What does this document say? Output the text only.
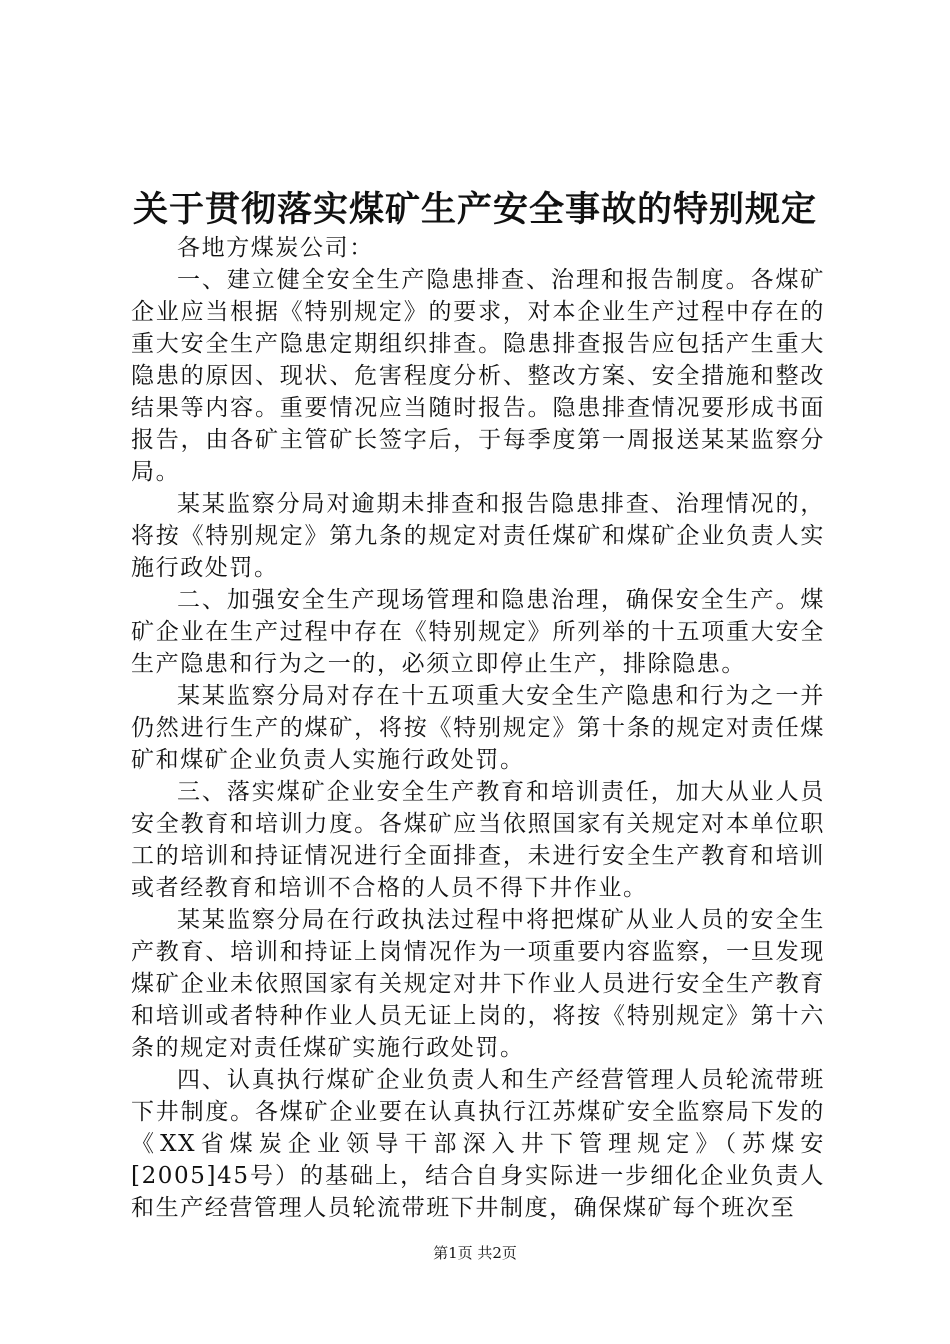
关于贯彻落实煤矿生产安全事故的特别规定

各地方煤炭公司：

一、建立健全安全生产隐患排查、治理和报告制度。各煤矿企业应当根据《特别规定》的要求，对本企业生产过程中存在的重大安全生产隐患定期组织排查。隐患排查报告应包括产生重大隐患的原因、现状、危害程度分析、整改方案、安全措施和整改结果等内容。重要情况应当随时报告。隐患排查情况要形成书面报告，由各矿主管矿长签字后，于每季度第一周报送某某监察分局。

某某监察分局对逾期未排查和报告隐患排查、治理情况的，将按《特别规定》第九条的规定对责任煤矿和煤矿企业负责人实施行政处罚。

二、加强安全生产现场管理和隐患治理，确保安全生产。煤矿企业在生产过程中存在《特别规定》所列举的十五项重大安全生产隐患和行为之一的，必须立即停止生产，排除隐患。

某某监察分局对存在十五项重大安全生产隐患和行为之一并仍然进行生产的煤矿，将按《特别规定》第十条的规定对责任煤矿和煤矿企业负责人实施行政处罚。

三、落实煤矿企业安全生产教育和培训责任，加大从业人员安全教育和培训力度。各煤矿应当依照国家有关规定对本单位职工的培训和持证情况进行全面排查，未进行安全生产教育和培训或者经教育和培训不合格的人员不得下井作业。

某某监察分局在行政执法过程中将把煤矿从业人员的安全生产教育、培训和持证上岗情况作为一项重要内容监察，一旦发现煤矿企业未依照国家有关规定对井下作业人员进行安全生产教育和培训或者特种作业人员无证上岗的，将按《特别规定》第十六条的规定对责任煤矿实施行政处罚。

四、认真执行煤矿企业负责人和生产经营管理人员轮流带班下井制度。各煤矿企业要在认真执行江苏煤矿安全监察局下发的《XX省煤炭企业领导干部深入井下管理规定》（苏煤安[2005]45号）的基础上，结合自身实际进一步细化企业负责人和生产经营管理人员轮流带班下井制度，确保煤矿每个班次至

第1页 共2页
